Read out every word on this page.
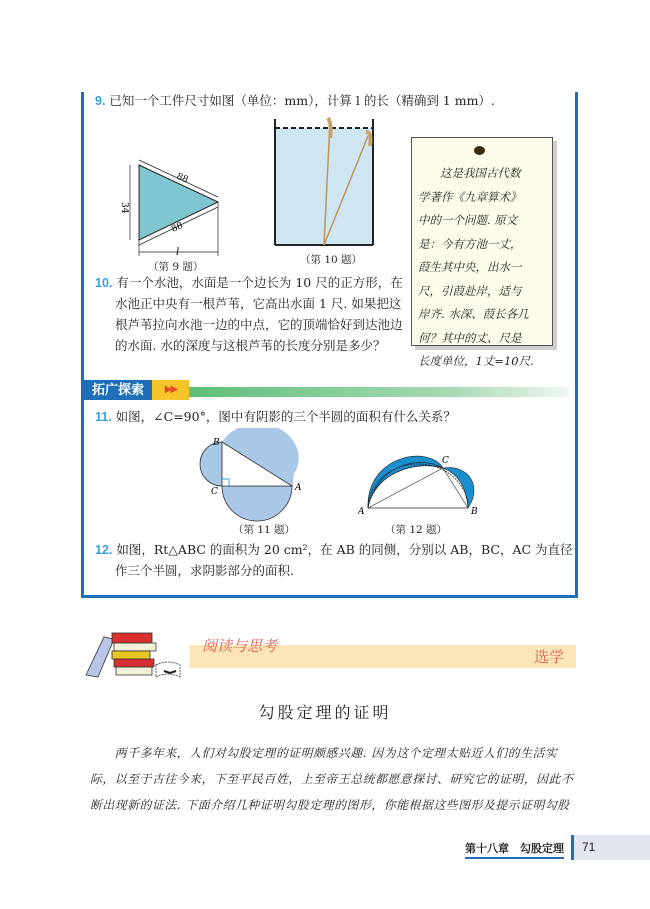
9. 已知一个工件尺寸如图（单位：mm），计算 l 的长（精确到 1 mm）.
88
88
34
l
（第 9 题）
（第 10 题）
这是我国古代数
学著作《九章算术》
中的一个问题. 原文
是：今有方池一丈，
葭生其中央，出水一
尺，引葭赴岸，适与
岸齐. 水深、葭长各几
何？其中的丈、尺是
长度单位，1丈=10尺.
10. 有一个水池，水面是一个边长为 10 尺的正方形，在
水池正中央有一根芦苇，它高出水面 1 尺. 如果把这
根芦苇拉向水池一边的中点，它的顶端恰好到达池边
的水面. 水的深度与这根芦苇的长度分别是多少？
拓广探索	▶▶
11. 如图，∠C=90°，图中有阴影的三个半圆的面积有什么关系？
B
C	A
（第 11 题）
A
C
B
（第 12 题）
12. 如图，Rt△ABC 的面积为 20 cm²，在 AB 的同侧，分别以 AB，BC，AC 为直径
作三个半圆，求阴影部分的面积.
阅读与思考
选学
勾股定理的证明
　　两千多年来，人们对勾股定理的证明颇感兴趣. 因为这个定理太贴近人们的生活实
际，以至于古往今来，下至平民百姓，上至帝王总统都愿意探讨、研究它的证明，因此不
断出现新的证法. 下面介绍几种证明勾股定理的图形，你能根据这些图形及提示证明勾股
第十八章　勾股定理	71
